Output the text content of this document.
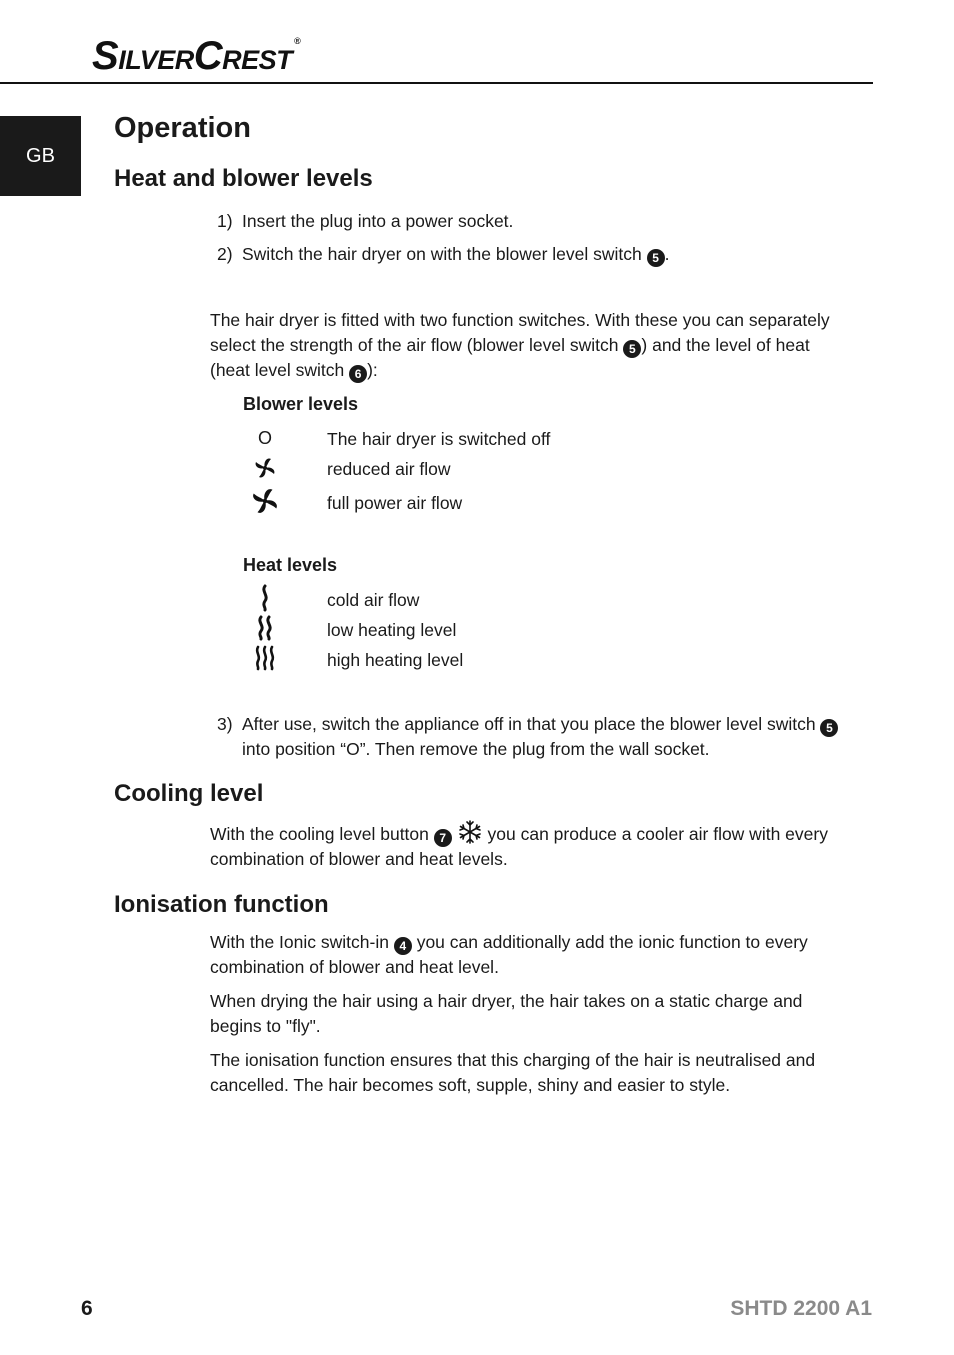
SILVERCREST®
GB
Operation
Heat and blower levels
1) Insert the plug into a power socket.
2) Switch the hair dryer on with the blower level switch 5 .

The hair dryer is fitted with two function switches. With these you can separately select the strength of the air flow (blower level switch 5 ) and the level of heat (heat level switch 6 ):

Blower levels
O	The hair dryer is switched off
reduced air flow
full power air flow
Heat levels
cold air flow
low heating level
high heating level
3) After use, switch the appliance off in that you place the blower level switch 5 into position “O”. Then remove the plug from the wall socket.
Cooling level

With the cooling level button 7 you can produce a cooler air flow with every combination of blower and heat levels.

Ionisation function

With the Ionic switch-in 4 you can additionally add the ionic function to every combination of blower and heat level.

When drying the hair using a hair dryer, the hair takes on a static charge and begins to "fly".

The ionisation function ensures that this charging of the hair is neutralised and cancelled. The hair becomes soft, supple, shiny and easier to style.

6	SHTD 2200 A1
